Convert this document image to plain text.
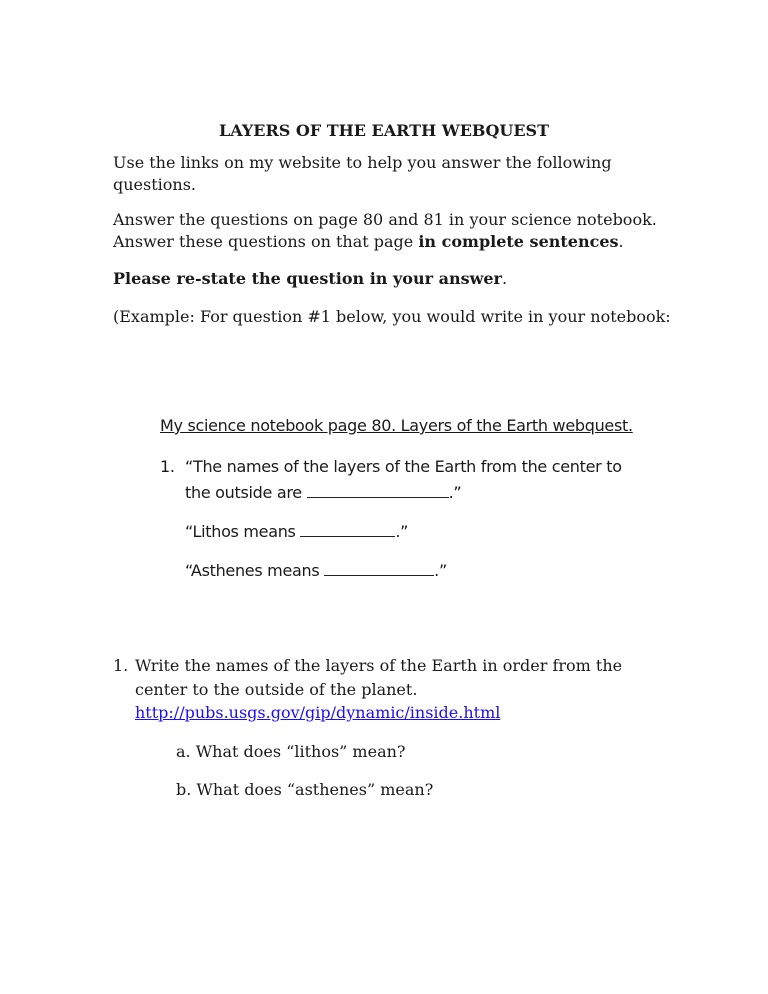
LAYERS OF THE EARTH WEBQUEST
Use the links on my website to help you answer the following
questions.
Answer the questions on page 80 and 81 in your science notebook.
Answer these questions on that page in complete sentences.
Please re-state the question in your answer.
(Example: For question #1 below, you would write in your notebook:
My science notebook page 80. Layers of the Earth webquest.
1. “The names of the layers of the Earth from the center to
the outside are	.”
“Lithos means	.”
“Asthenes means	.”
1. Write the names of the layers of the Earth in order from the
center to the outside of the planet.
http://pubs.usgs.gov/gip/dynamic/inside.html
a. What does “lithos” mean?
b. What does “asthenes” mean?
